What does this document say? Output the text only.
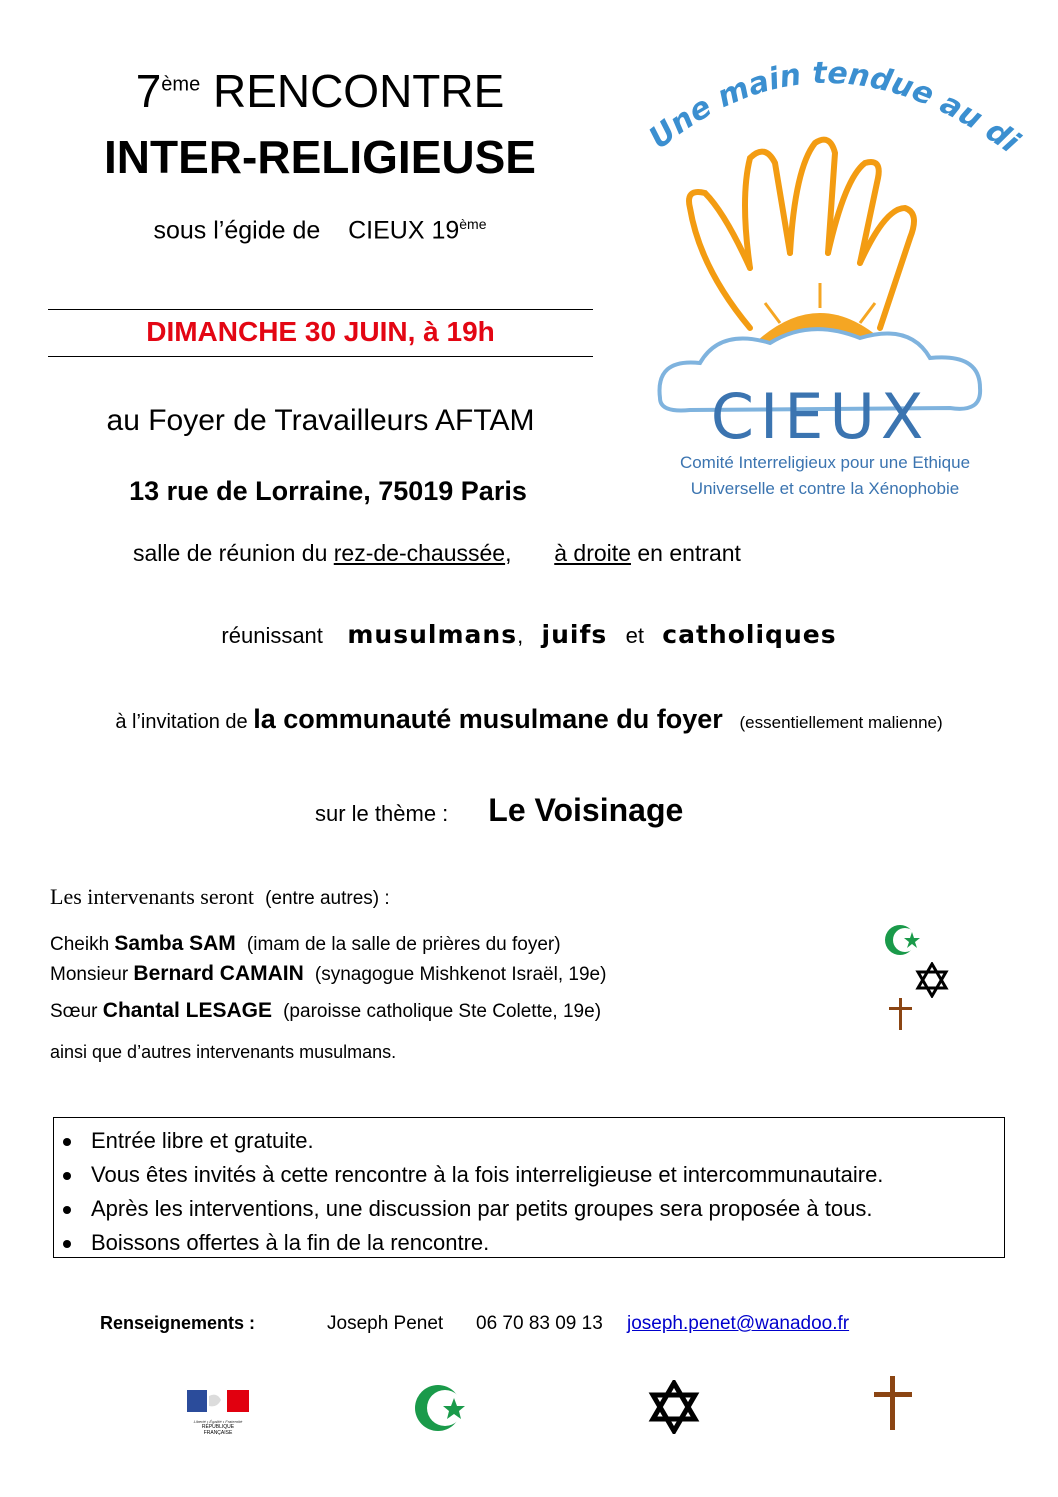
7ème RENCONTRE
INTER-RELIGIEUSE
sous l’égide de CIEUX 19ème
DIMANCHE 30 JUIN, à 19h
au Foyer de Travailleurs AFTAM
13 rue de Lorraine, 75019 Paris
salle de réunion du rez-de-chaussée, à droite en entrant
réunissant musulmans, juifs et catholiques
à l’invitation de la communauté musulmane du foyer (essentiellement malienne)
sur le thème : Le Voisinage
Les intervenants seront (entre autres) :
Cheikh Samba SAM (imam de la salle de prières du foyer)
Monsieur Bernard CAMAIN (synagogue Mishkenot Israël, 19e)
Sœur Chantal LESAGE (paroisse catholique Ste Colette, 19e)
ainsi que d’autres intervenants musulmans.
Entrée libre et gratuite.
Vous êtes invités à cette rencontre à la fois interreligieuse et intercommunautaire.
Après les interventions, une discussion par petits groupes sera proposée à tous.
Boissons offertes à la fin de la rencontre.
Renseignements :	Joseph Penet 06 70 83 09 13 joseph.penet@wanadoo.fr
Liberté • Égalité • Fraternité
RÉPUBLIQUE FRANÇAISE
Une main tendue au di
CIEUX
Comité Interreligieux pour une Ethique
Universelle et contre la Xénophobie
